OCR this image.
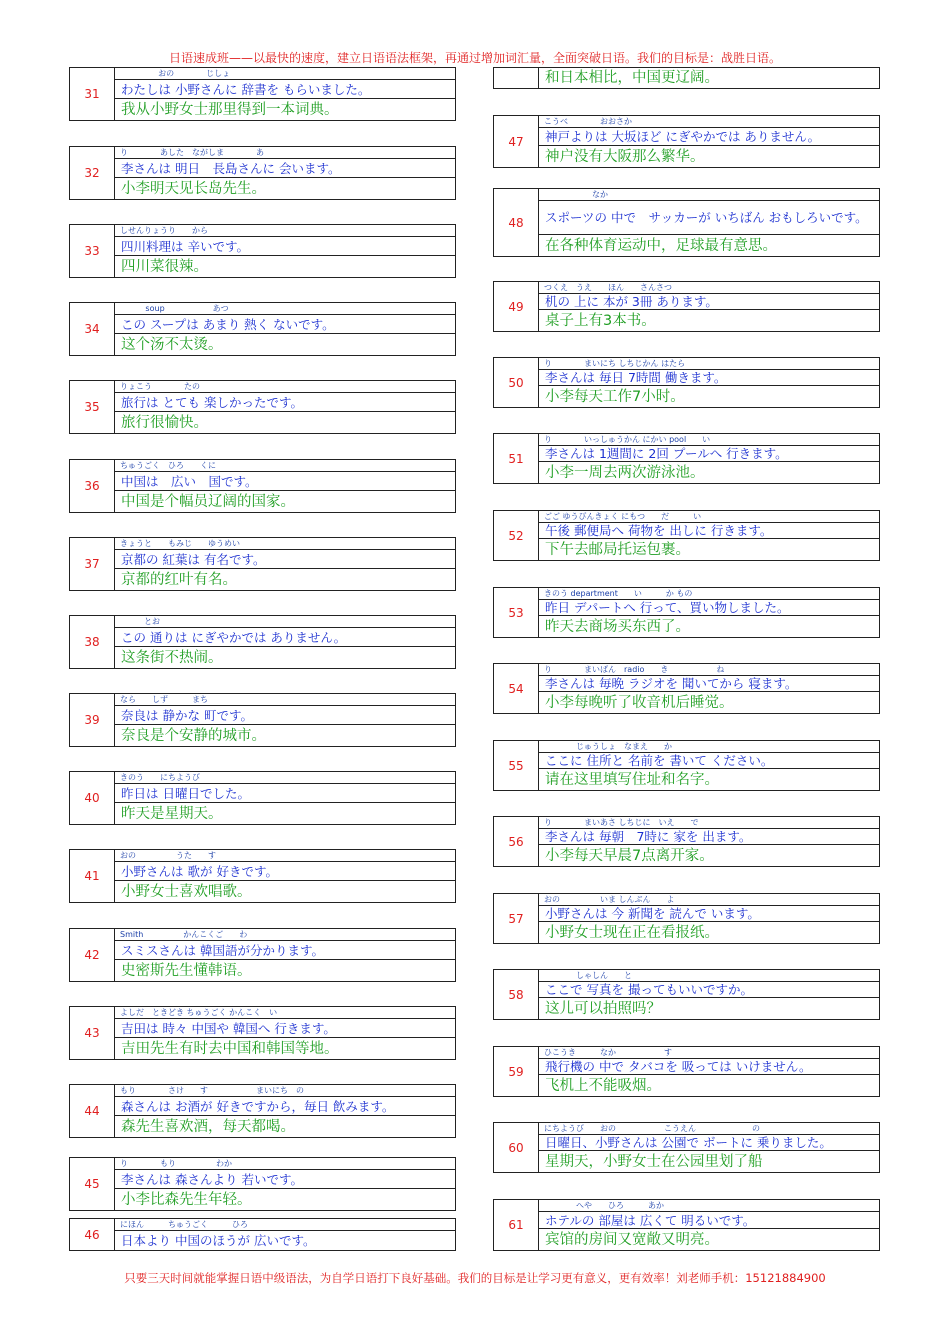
日语速成班——以最快的速度，建立日语语法框架，再通过增加词汇量，全面突破日语。我们的目标是：战胜日语。
31
おの　　　　じしょ
わたしは 小野さんに 辞書を もらいました。
我从小野女士那里得到一本词典。
32
り　　　　あした　ながしま　　　　あ
李さんは 明日　長島さんに 会います。
小李明天见长岛先生。
33
しせんりょうり　　から
四川料理は 辛いです。
四川菜很辣。
34
soup　　　　　　あつ
この スープは あまり 熱く ないです。
这个汤不太烫。
35
りょこう　　　　たの
旅行は とても 楽しかったです。
旅行很愉快。
36
ちゅうごく　ひろ　　くに
中国は　広い　国です。
中国是个幅员辽阔的国家。
37
きょうと　　もみじ　　ゆうめい
京都の 紅葉は 有名です。
京都的红叶有名。
38
　　　とお
この 通りは にぎやかでは ありません。
这条街不热闹。
39
なら　　しず　　　まち
奈良は 静かな 町です。
奈良是个安静的城市。
40
きのう　　にちようび
昨日は 日曜日でした。
昨天是星期天。
41
おの　　　　　うた　　す
小野さんは 歌が 好きです。
小野女士喜欢唱歌。
42
Smith　　　　　かんこくご　　わ
スミスさんは 韓国語が分かります。
史密斯先生懂韩语。
43
よしだ　ときどき ちゅうごく かんこく　い
吉田は 時々 中国や 韓国へ 行きます。
吉田先生有时去中国和韩国等地。
44
もり　　　　さけ　　す　　　　　　まいにち　の
森さんは お酒が 好きですから，毎日 飲みます。
森先生喜欢酒，每天都喝。
45
り　　　　もり　　　　　わか
李さんは 森さんより 若いです。
小李比森先生年轻。
46
にほん　　　ちゅうごく　　　ひろ
日本より 中国のほうが 広いです。
和日本相比，中国更辽阔。
47
こうべ　　　　おおさか
神戸よりは 大坂ほど にぎやかでは ありません。
神户没有大阪那么繁华。
48
　　　　　　なか
スポーツの 中で　サッカーが いちばん おもしろいです。
在各种体育运动中，足球最有意思。
49
つくえ　うえ　　ほん　　さんさつ
机の 上に 本が 3冊 あります。
桌子上有3本书。
50
り　　　　まいにち しちじかん はたら
李さんは 毎日 7時間 働きます。
小李每天工作7小时。
51
り　　　　いっしゅうかん にかい pool　　い
李さんは 1週間に 2回 プールへ 行きます。
小李一周去两次游泳池。
52
ごご ゆうびんきょく にもつ　　だ　　　い
午後 郵便局へ 荷物を 出しに 行きます。
下午去邮局托运包裹。
53
きのう department　　い　　　か もの
昨日 デパートへ 行って、買い物しました。
昨天去商场买东西了。
54
り　　　　まいばん　radio　　き　　　　　　ね
李さんは 毎晩 ラジオを 聞いてから 寝ます。
小李每晚听了收音机后睡觉。
55
　　　　じゅうしょ　なまえ　　か
ここに 住所と 名前を 書いて ください。
请在这里填写住址和名字。
56
り　　　　まいあさ しちじに　いえ　　で
李さんは 毎朝　7時に 家を 出ます。
小李每天早晨7点离开家。
57
おの　　　　　いま しんぶん　　よ
小野さんは 今 新聞を 読んで います。
小野女士现在正在看报纸。
58
　　　　しゃしん　　と
ここで 写真を 撮ってもいいですか。
这儿可以拍照吗？
59
ひこうき　　　なか　　　　　　す
飛行機の 中で タバコを 吸っては いけません。
飞机上不能吸烟。
60
にちようび　　おの　　　　　　こうえん　　　　　　　の
日曜日、小野さんは 公園で ボートに 乗りました。
星期天，小野女士在公园里划了船
61
　　　　へや　　ひろ　　　あか
ホテルの 部屋は 広くて 明るいです。
宾馆的房间又宽敞又明亮。
只要三天时间就能掌握日语中级语法，为自学日语打下良好基础。我们的目标是让学习更有意义，更有效率！刘老师手机：15121884900
